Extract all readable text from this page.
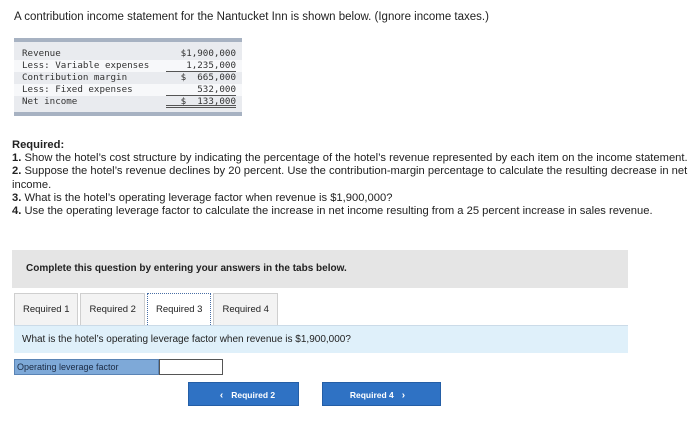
A contribution income statement for the Nantucket Inn is shown below. (Ignore income taxes.)
Revenue	$1,900,000
Less: Variable expenses	1,235,000
Contribution margin	$  665,000
Less: Fixed expenses	532,000
Net income	$  133,000
Required:

1. Show the hotel’s cost structure by indicating the percentage of the hotel’s revenue represented by each item on the income statement.

2. Suppose the hotel’s revenue declines by 20 percent. Use the contribution-margin percentage to calculate the resulting decrease in net income.

3. What is the hotel’s operating leverage factor when revenue is $1,900,000?

4. Use the operating leverage factor to calculate the increase in net income resulting from a 25 percent increase in sales revenue.

Complete this question by entering your answers in the tabs below.
Required 1	Required 2	Required 3	Required 4
What is the hotel’s operating leverage factor when revenue is $1,900,000?
Operating leverage factor
‹ Required 2	Required 4 ›
